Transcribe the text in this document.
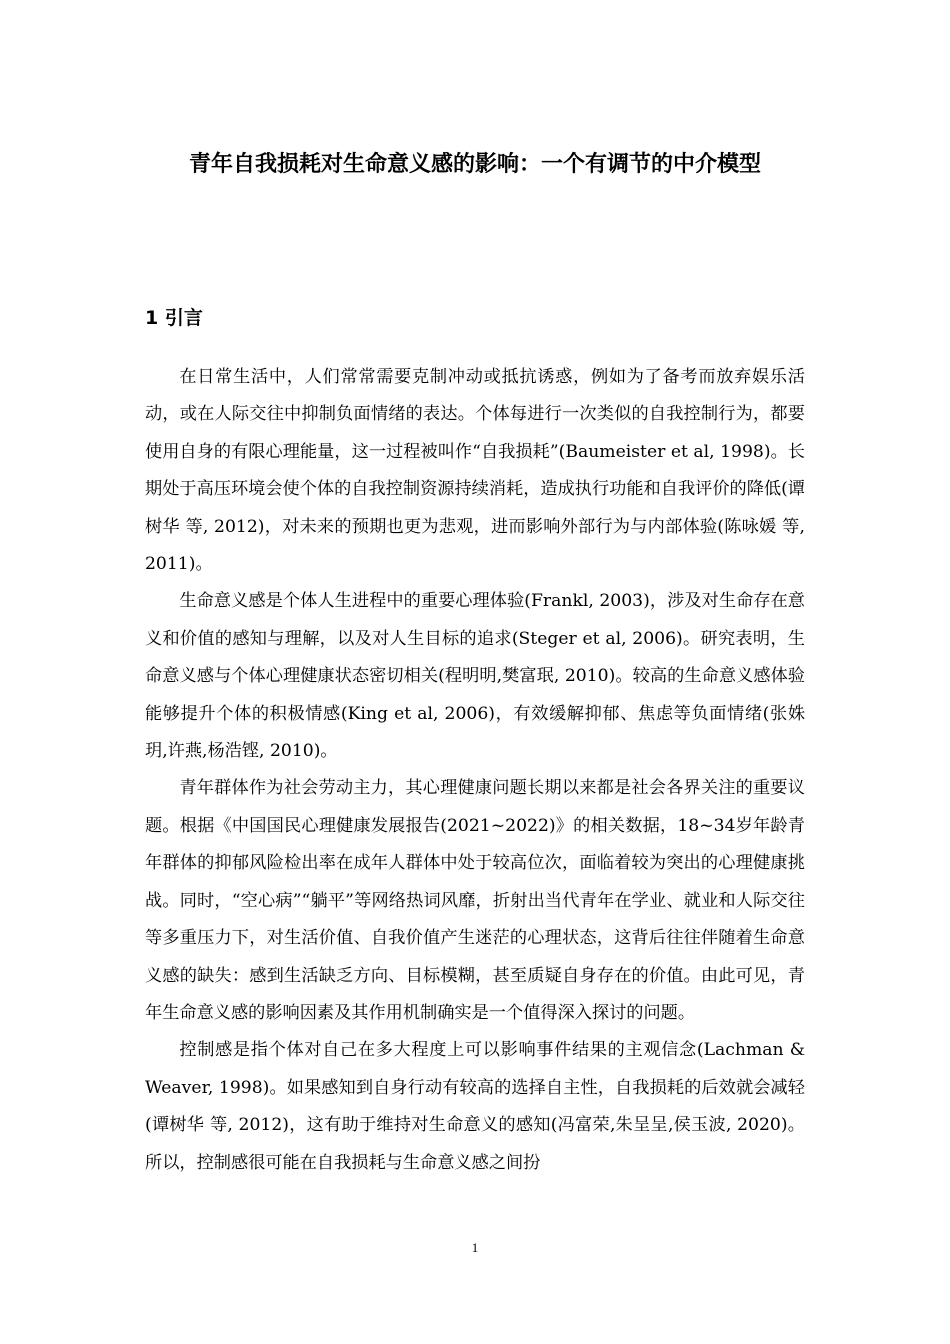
青年自我损耗对生命意义感的影响：一个有调节的中介模型
1 引言

在日常生活中，人们常常需要克制冲动或抵抗诱惑，例如为了备考而放弃娱乐活动，或在人际交往中抑制负面情绪的表达。个体每进行一次类似的自我控制行为，都要使用自身的有限心理能量，这一过程被叫作“自我损耗”(Baumeister et al, 1998)。长期处于高压环境会使个体的自我控制资源持续消耗，造成执行功能和自我评价的降低(谭树华 等, 2012)，对未来的预期也更为悲观，进而影响外部行为与内部体验(陈咏媛 等, 2011)。

生命意义感是个体人生进程中的重要心理体验(Frankl, 2003)，涉及对生命存在意义和价值的感知与理解，以及对人生目标的追求(Steger et al, 2006)。研究表明，生命意义感与个体心理健康状态密切相关(程明明,樊富珉, 2010)。较高的生命意义感体验能够提升个体的积极情感(King et al, 2006)，有效缓解抑郁、焦虑等负面情绪(张姝玥,许燕,杨浩铿, 2010)。

青年群体作为社会劳动主力，其心理健康问题长期以来都是社会各界关注的重要议题。根据《中国国民心理健康发展报告(2021~2022)》的相关数据，18~34岁年龄青年群体的抑郁风险检出率在成年人群体中处于较高位次，面临着较为突出的心理健康挑战。同时，“空心病”“躺平”等网络热词风靡，折射出当代青年在学业、就业和人际交往等多重压力下，对生活价值、自我价值产生迷茫的心理状态，这背后往往伴随着生命意义感的缺失：感到生活缺乏方向、目标模糊，甚至质疑自身存在的价值。由此可见，青年生命意义感的影响因素及其作用机制确实是一个值得深入探讨的问题。

控制感是指个体对自己在多大程度上可以影响事件结果的主观信念(Lachman & Weaver, 1998)。如果感知到自身行动有较高的选择自主性，自我损耗的后效就会减轻(谭树华 等, 2012)，这有助于维持对生命意义的感知(冯富荣,朱呈呈,侯玉波, 2020)。所以，控制感很可能在自我损耗与生命意义感之间扮

1
